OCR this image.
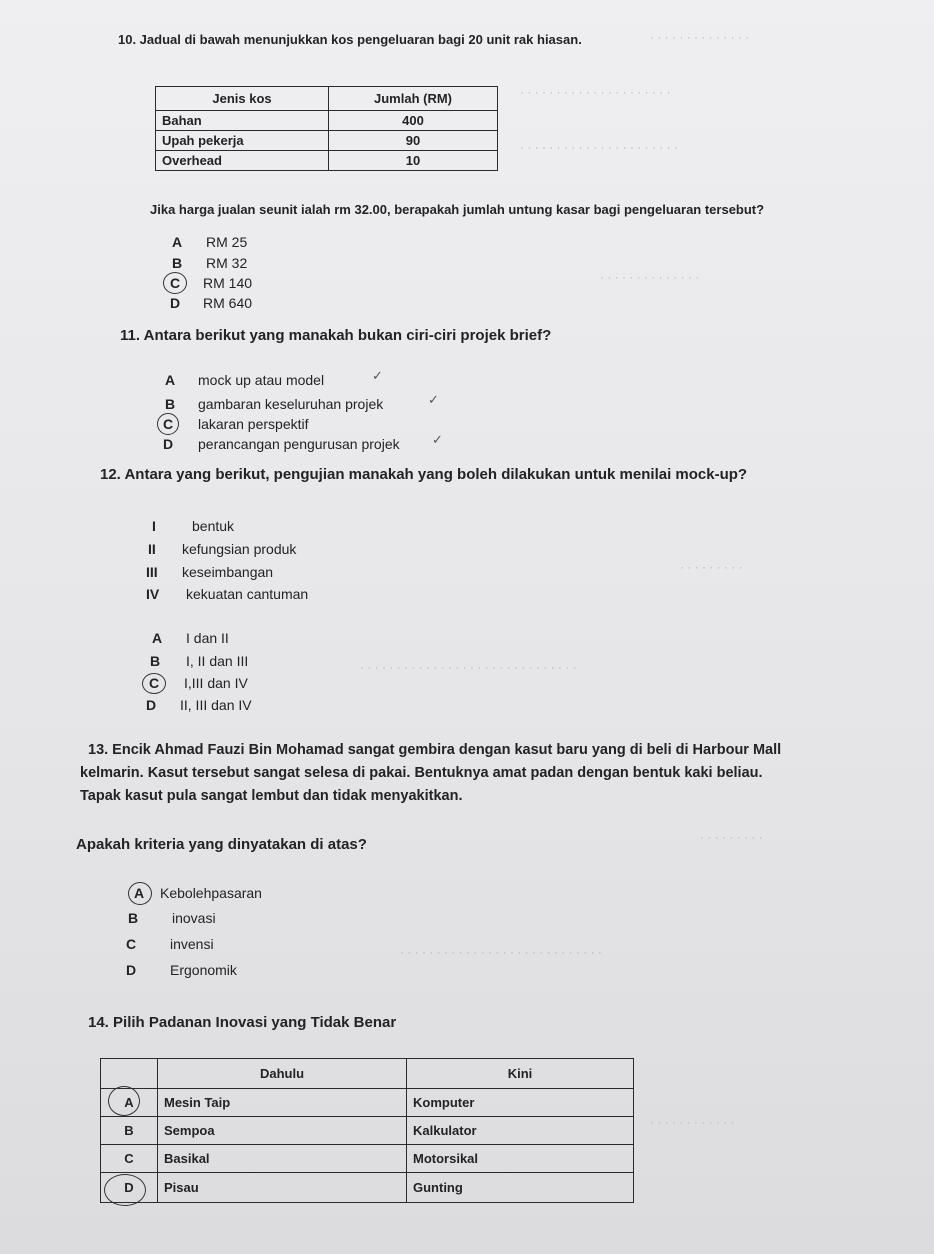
· · · · · · · · · · · · · ·
· · · · · · · · · · · · · · · · · · · · ·
· · · · · · · · · · · · · · · · · · · · · ·
· · · · · · · · · · · · · ·
· · · · · · · · ·
· · · · · · · · · · · · · · · · · · · · · · · · · · · · · ·
· · · · · · · · ·
· · · · · · · · · · · · · · · · · · · · · · · · · · · ·
· · · · · · · · · · · ·
10. Jadual di bawah menunjukkan kos pengeluaran bagi 20 unit rak hiasan.
Jenis kos	Jumlah (RM)
Bahan	400
Upah pekerja	90
Overhead	10
Jika harga jualan seunit ialah rm 32.00, berapakah jumlah untung kasar bagi pengeluaran tersebut?
A RM 25
B RM 32
C RM 140
D RM 640
11. Antara berikut yang manakah bukan ciri-ciri projek brief?
A mock up atau model	✓
B gambaran keseluruhan projek	✓
C lakaran perspektif
D perancangan pengurusan projek ✓
12. Antara yang berikut, pengujian manakah yang boleh dilakukan untuk menilai mock-up?
I	bentuk
II kefungsian produk
III keseimbangan
IV kekuatan cantuman
A I dan II
B I, II dan III
C I,III dan IV
D II, III dan IV
13. Encik Ahmad Fauzi Bin Mohamad sangat gembira dengan kasut baru yang di beli di Harbour Mall
kelmarin. Kasut tersebut sangat selesa di pakai. Bentuknya amat padan dengan bentuk kaki beliau.
Tapak kasut pula sangat lembut dan tidak menyakitkan.
Apakah kriteria yang dinyatakan di atas?
A Kebolehpasaran
B inovasi
C invensi
D Ergonomik
14. Pilih Padanan Inovasi yang Tidak Benar
	Dahulu	Kini
A	Mesin Taip	Komputer
B	Sempoa	Kalkulator
C	Basikal	Motorsikal
D	Pisau	Gunting
